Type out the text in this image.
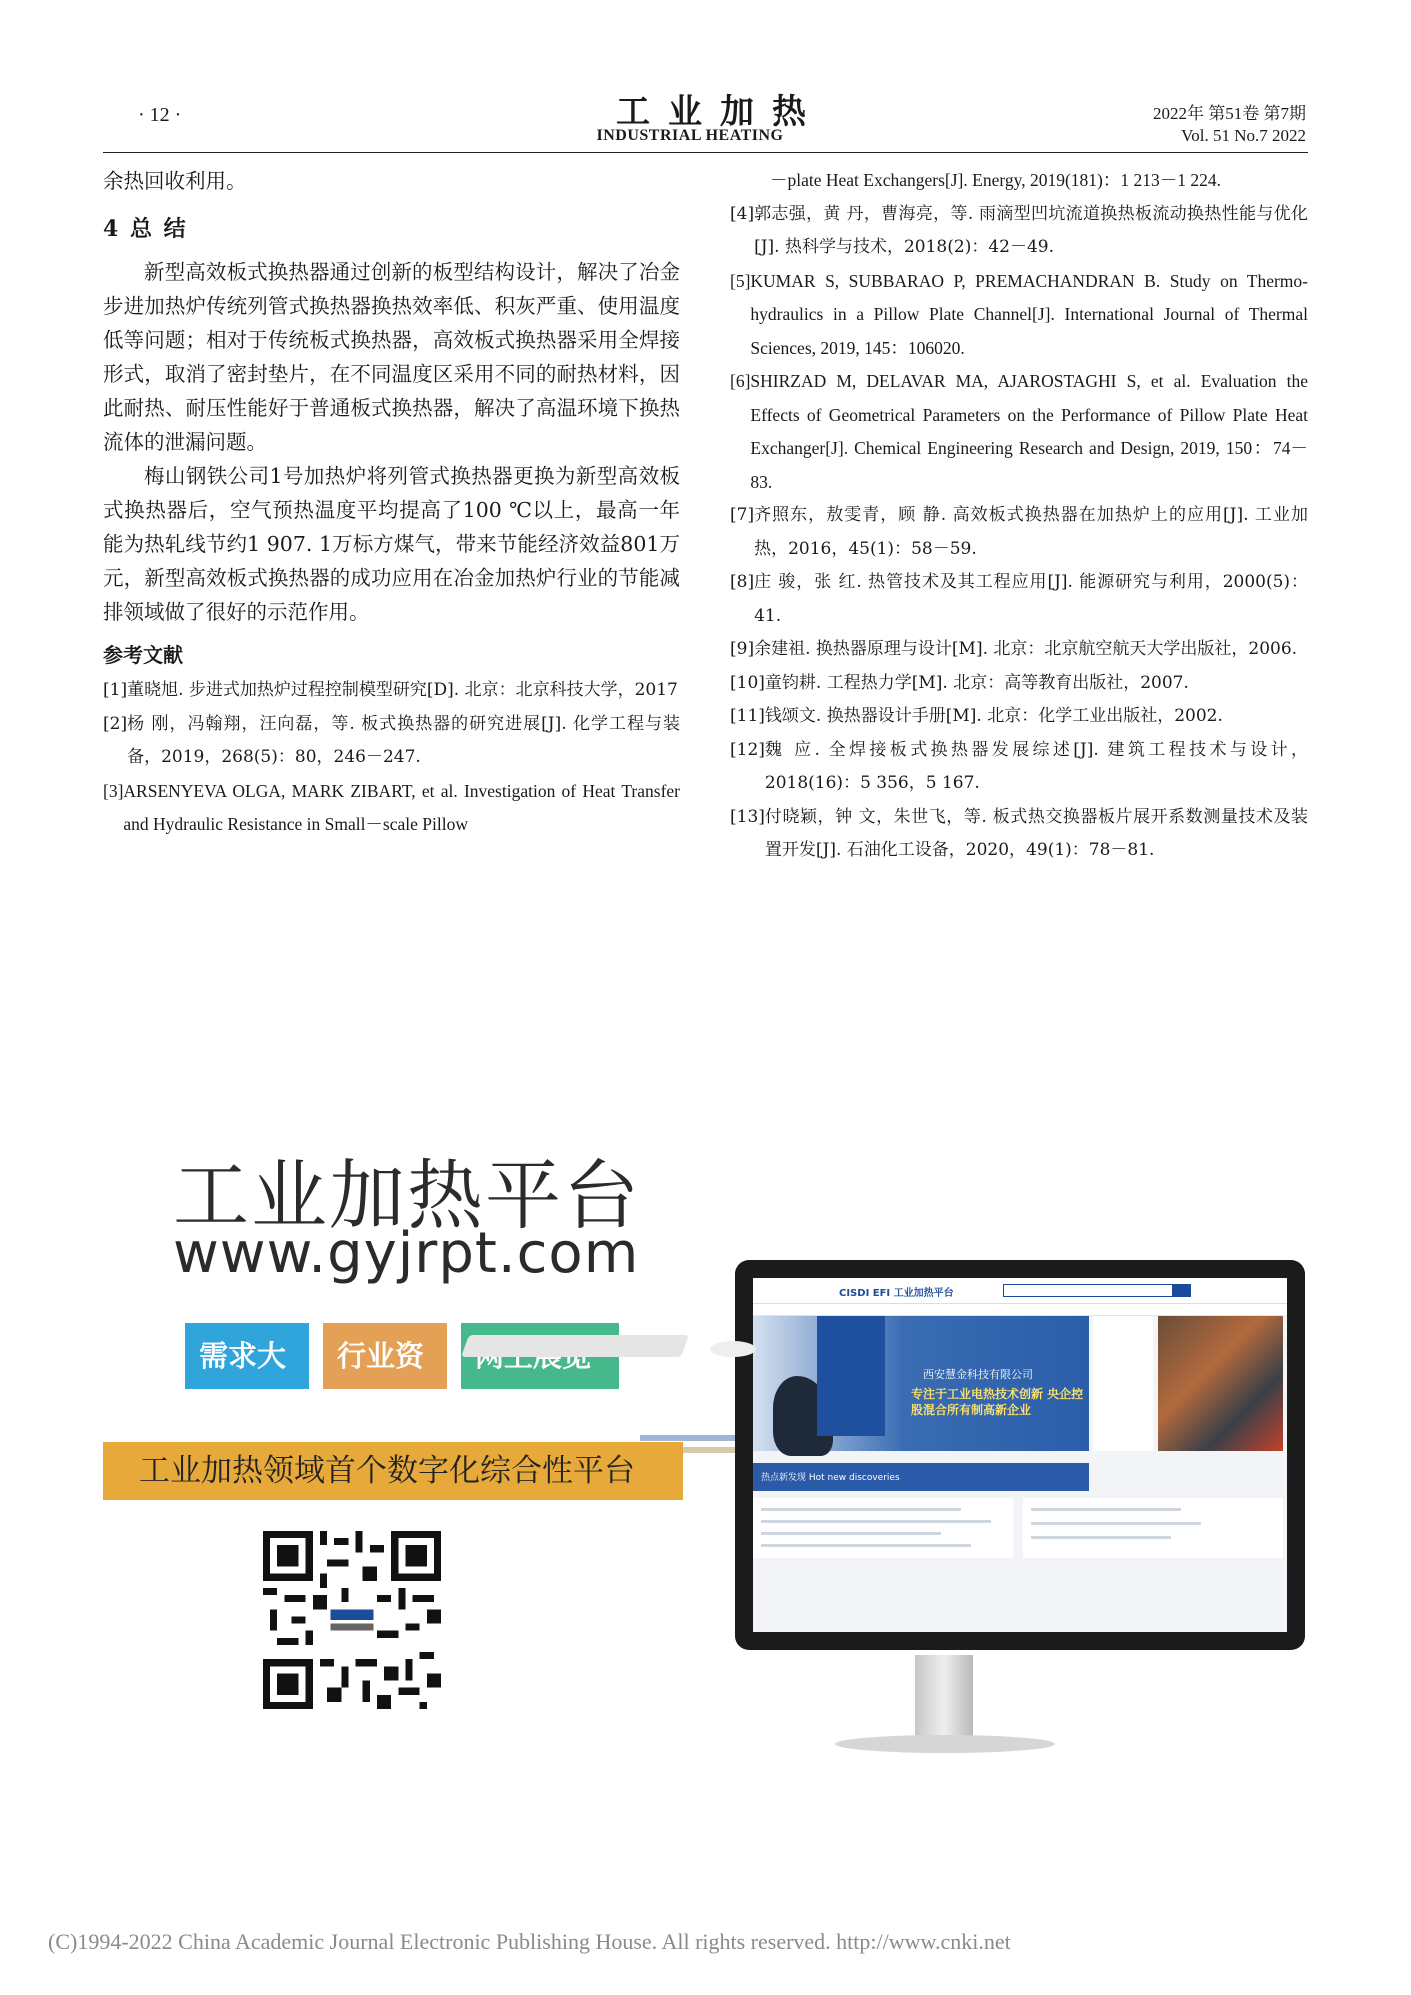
· 12 ·	工业加热
INDUSTRIAL HEATING
2022年 第51卷 第7期
Vol. 51 No.7 2022

余热回收利用。

4 总 结

新型高效板式换热器通过创新的板型结构设计，解决了冶金步进加热炉传统列管式换热器换热效率低、积灰严重、使用温度低等问题；相对于传统板式换热器，高效板式换热器采用全焊接形式，取消了密封垫片，在不同温度区采用不同的耐热材料，因此耐热、耐压性能好于普通板式换热器，解决了高温环境下换热流体的泄漏问题。

梅山钢铁公司1号加热炉将列管式换热器更换为新型高效板式换热器后，空气预热温度平均提高了100 ℃以上，最高一年能为热轧线节约1 907. 1万标方煤气，带来节能经济效益801万元，新型高效板式换热器的成功应用在冶金加热炉行业的节能减排领域做了很好的示范作用。

参考文献
[1] 董晓旭. 步进式加热炉过程控制模型研究[D]. 北京：北京科技大学，2017
[2] 杨 刚，冯翰翔，汪向磊，等. 板式换热器的研究进展[J]. 化学工程与装备，2019，268(5)：80，246－247.
[3] ARSENYEVA OLGA, MARK ZIBART, et al. Investigation of Heat Transfer and Hydraulic Resistance in Small－scale Pillow

－plate Heat Exchangers[J]. Energy, 2019(181)：1 213－1 224.

[4] 郭志强，黄 丹，曹海亮，等. 雨滴型凹坑流道换热板流动换热性能与优化[J]. 热科学与技术，2018(2)：42－49.
[5] KUMAR S, SUBBARAO P, PREMACHANDRAN B. Study on Thermo-hydraulics in a Pillow Plate Channel[J]. International Journal of Thermal Sciences, 2019, 145：106020.
[6] SHIRZAD M, DELAVAR MA, AJAROSTAGHI S, et al. Evaluation the Effects of Geometrical Parameters on the Performance of Pillow Plate Heat Exchanger[J]. Chemical Engineering Research and Design, 2019, 150：74－83.
[7] 齐照东，敖雯青，顾 静. 高效板式换热器在加热炉上的应用[J]. 工业加热，2016，45(1)：58－59.
[8] 庄 骏，张 红. 热管技术及其工程应用[J]. 能源研究与利用，2000(5)：41.
[9] 余建祖. 换热器原理与设计[M]. 北京：北京航空航天大学出版社，2006.
[10] 童钧耕. 工程热力学[M]. 北京：高等教育出版社，2007.
[11] 钱颂文. 换热器设计手册[M]. 北京：化学工业出版社，2002.
[12] 魏 应. 全焊接板式换热器发展综述[J]. 建筑工程技术与设计，2018(16)：5 356，5 167.
[13] 付晓颖，钟 文，朱世飞，等. 板式热交换器板片展开系数测量技术及装置开发[J]. 石油化工设备，2020，49(1)：78－81.
工业加热平台
www.gyjrpt.com
需求大厅
行业资讯	馆
工业加热领域首个数字化综合性平台
CISDI EFI 工业加热平台
西安慧金科技有限公司
专注于工业电热技术创新 央企控股混合所有制高新企业
热点新发现 Hot new discoveries
(C)1994-2022 China Academic Journal Electronic Publishing House. All rights reserved. http://www.cnki.net
